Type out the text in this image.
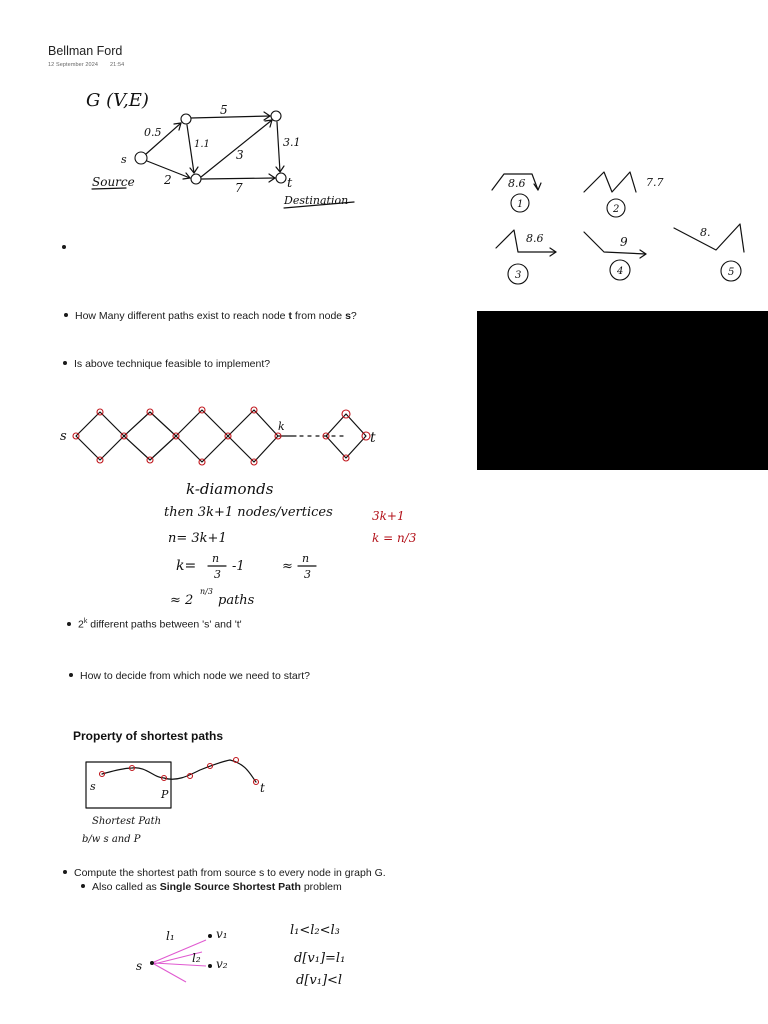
Bellman Ford
12 September 2024 21:54
G (V,E)	5
0.5
1.1
3
3.1
2
7
s
t
Source
Destination
8.6
1
7.7
2
8.6
3
9
4
8.
5
How Many different paths exist to reach node t from node s?
Is above technique feasible to implement?
s
k
t
k-diamonds
then 3k+1 nodes/vertices
n= 3k+1
k= n
3
-1	≈
n
3
≈ 2
n/3
paths
3k+1
k = n/3
2$^k$ different paths between 's' and 't'
How to decide from which node we need to start?
Property of shortest paths
s
P	t
Shortest Path
b/w s and P
Compute the shortest path from source s to every node in graph G.
Also called as Single Source Shortest Path problem
s
l₁	v₁
l₂ v₂
l₁<l₂<l₃
d[v₁]=l₁
d[v₁]<l
